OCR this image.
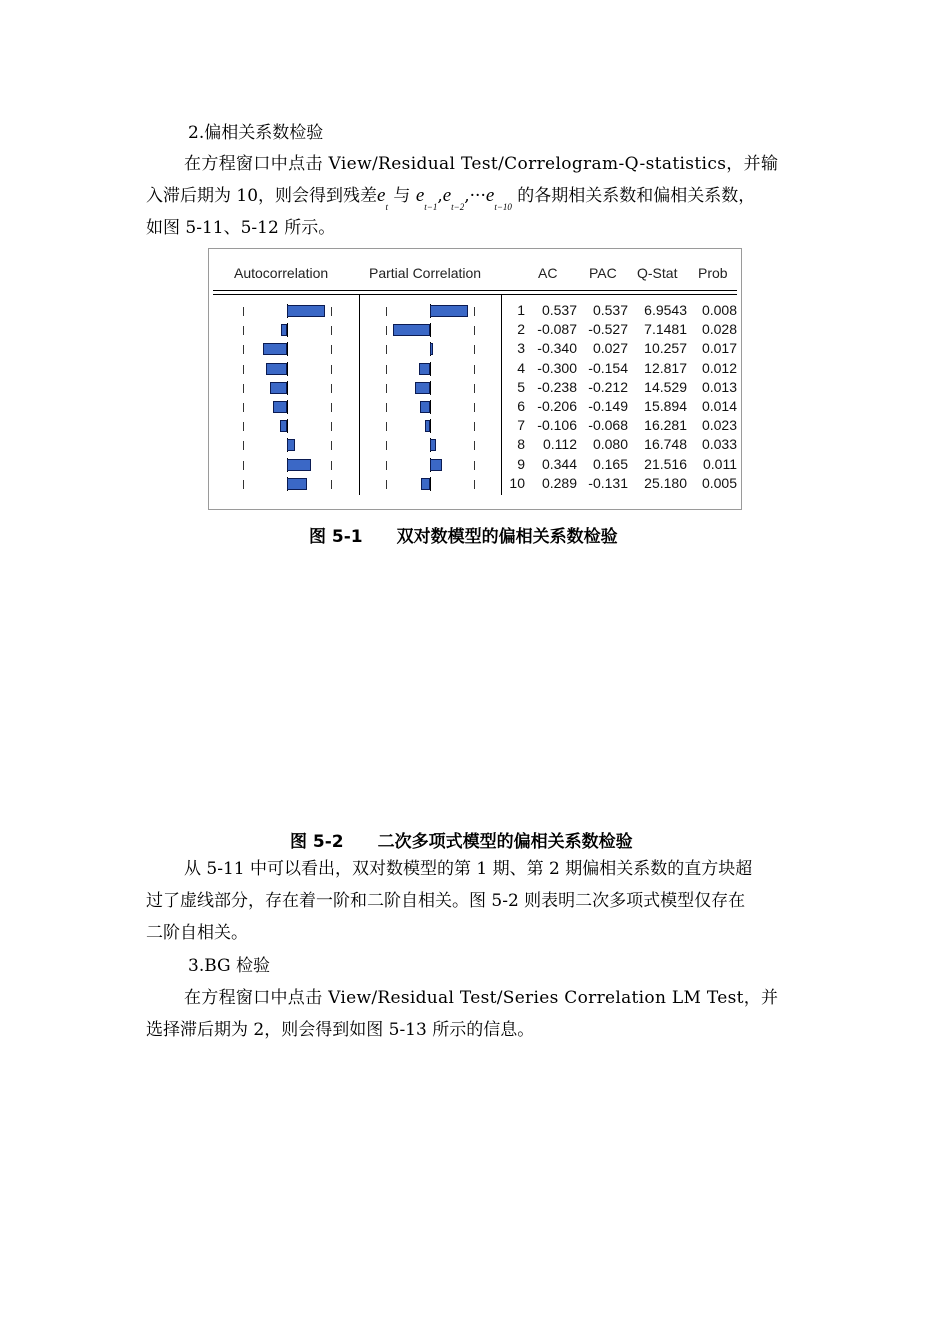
2.偏相关系数检验
在方程窗口中点击 View/Residual Test/Correlogram-Q-statistics，并输
入滞后期为 10，则会得到残差$e_t$ 与 $e_{t-1},e_{t-2},\cdot\cdot\cdot e_{t-10}$ 的各期相关系数和偏相关系数，
如图 5-11、5-12 所示。
Autocorrelation	Partial Correlation	AC PAC Q-Stat Prob
1	0.537	0.537	6.9543	0.008
2 -0.087 -0.527	7.1481	0.028
3 -0.340	0.027	10.257	0.017
4 -0.300 -0.154	12.817	0.012
5 -0.238 -0.212	14.529	0.013
6 -0.206 -0.149	15.894	0.014
7 -0.106 -0.068	16.281	0.023
8	0.112	0.080	16.748	0.033
9	0.344	0.165	21.516	0.011
10	0.289 -0.131	25.180	0.005
图 5-1 双对数模型的偏相关系数检验
图 5-2 二次多项式模型的偏相关系数检验
从 5-11 中可以看出，双对数模型的第 1 期、第 2 期偏相关系数的直方块超
过了虚线部分，存在着一阶和二阶自相关。图 5-2 则表明二次多项式模型仅存在
二阶自相关。
3.BG 检验
在方程窗口中点击 View/Residual Test/Series Correlation LM Test，并
选择滞后期为 2，则会得到如图 5-13 所示的信息。
